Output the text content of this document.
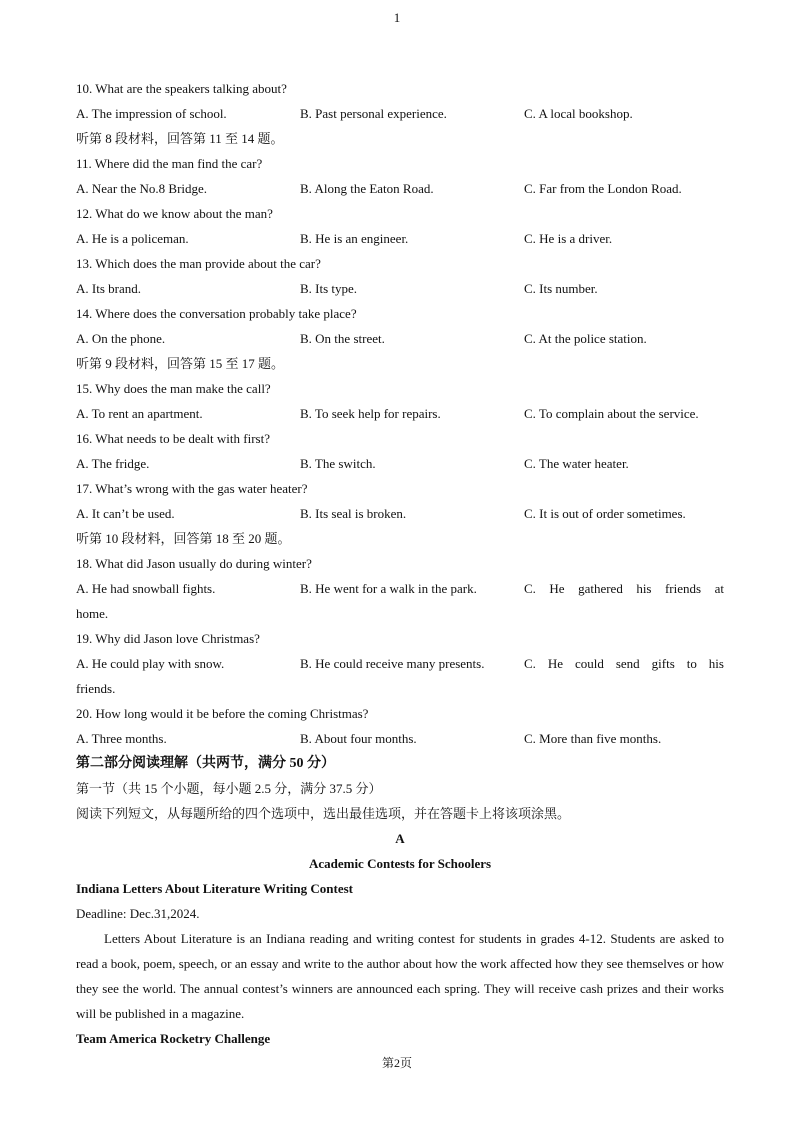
1
10. What are the speakers talking about?
A. The impression of school.	B. Past personal experience.	C. A local bookshop.
听第 8 段材料，回答第 11 至 14 题。
11. Where did the man find the car?
A. Near the No.8 Bridge.	B. Along the Eaton Road.	C. Far from the London Road.
12. What do we know about the man?
A. He is a policeman.	B. He is an engineer.	C. He is a driver.
13. Which does the man provide about the car?
A. Its brand.	B. Its type.	C. Its number.
14. Where does the conversation probably take place?
A. On the phone.	B. On the street.	C. At the police station.
听第 9 段材料，回答第 15 至 17 题。
15. Why does the man make the call?
A. To rent an apartment.	B. To seek help for repairs.	C. To complain about the service.
16. What needs to be dealt with first?
A. The fridge.	B. The switch.	C. The water heater.
17. What’s wrong with the gas water heater?
A. It can’t be used.	B. Its seal is broken.	C. It is out of order sometimes.
听第 10 段材料，回答第 18 至 20 题。
18. What did Jason usually do during winter?
A. He had snowball fights.	B. He went for a walk in the park.	C. He gathered his friends at
home.
19. Why did Jason love Christmas?
A. He could play with snow.	B. He could receive many presents.	C. He could send gifts to his
friends.
20. How long would it be before the coming Christmas?
A. Three months.	B. About four months.	C. More than five months.
第二部分阅读理解（共两节，满分 50 分）
第一节（共 15 个小题，每小题 2.5 分，满分 37.5 分）
阅读下列短文，从每题所给的四个选项中，选出最佳选项，并在答题卡上将该项涂黑。
A
Academic Contests for Schoolers
Indiana Letters About Literature Writing Contest
Deadline: Dec.31,2024.
Letters About Literature is an Indiana reading and writing contest for students in grades 4-12. Students are asked to read a book, poem, speech, or an essay and write to the author about how the work affected how they see themselves or how they see the world. The annual contest’s winners are announced each spring. They will receive cash prizes and their works will be published in a magazine.
Team America Rocketry Challenge
第2页
